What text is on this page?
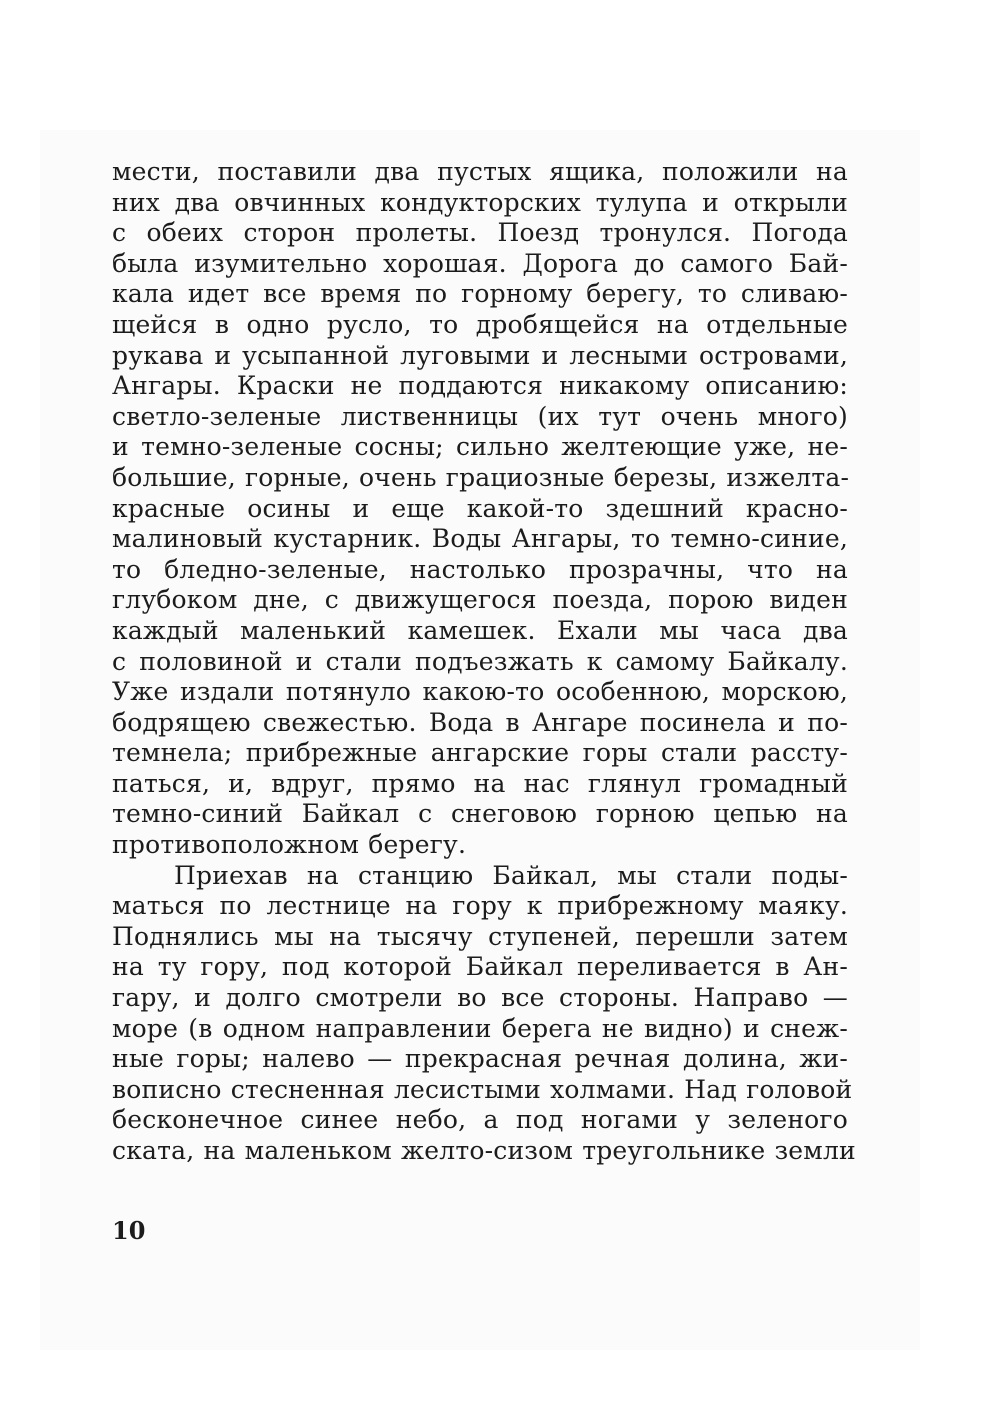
мести, поставили два пустых ящика, положили на
них два овчинных кондукторских тулупа и открыли
с обеих сторон пролеты. Поезд тронулся. Погода
была изумительно хорошая. Дорога до самого Бай-
кала идет все время по горному берегу, то сливаю-
щейся в одно русло, то дробящейся на отдельные
рукава и усыпанной луговыми и лесными островами,
Ангары. Краски не поддаются никакому описанию:
светло-зеленые лиственницы (их тут очень много)
и темно-зеленые сосны; сильно желтеющие уже, не-
большие, горные, очень грациозные березы, изжелта-
красные осины и еще какой-то здешний красно-
малиновый кустарник. Воды Ангары, то темно-синие,
то бледно-зеленые, настолько прозрачны, что на
глубоком дне, с движущегося поезда, порою виден
каждый маленький камешек. Ехали мы часа два
с половиной и стали подъезжать к самому Байкалу.
Уже издали потянуло какою-то особенною, морскою,
бодрящею свежестью. Вода в Ангаре посинела и по-
темнела; прибрежные ангарские горы стали рассту-
паться, и, вдруг, прямо на нас глянул громадный
темно-синий Байкал с снеговою горною цепью на
противоположном берегу.
Приехав на станцию Байкал, мы стали поды-
маться по лестнице на гору к прибрежному маяку.
Поднялись мы на тысячу ступеней, перешли затем
на ту гору, под которой Байкал переливается в Ан-
гару, и долго смотрели во все стороны. Направо —
море (в одном направлении берега не видно) и снеж-
ные горы; налево — прекрасная речная долина, жи-
вописно стесненная лесистыми холмами. Над головой
бесконечное синее небо, а под ногами у зеленого
ската, на маленьком желто-сизом треугольнике земли
10
